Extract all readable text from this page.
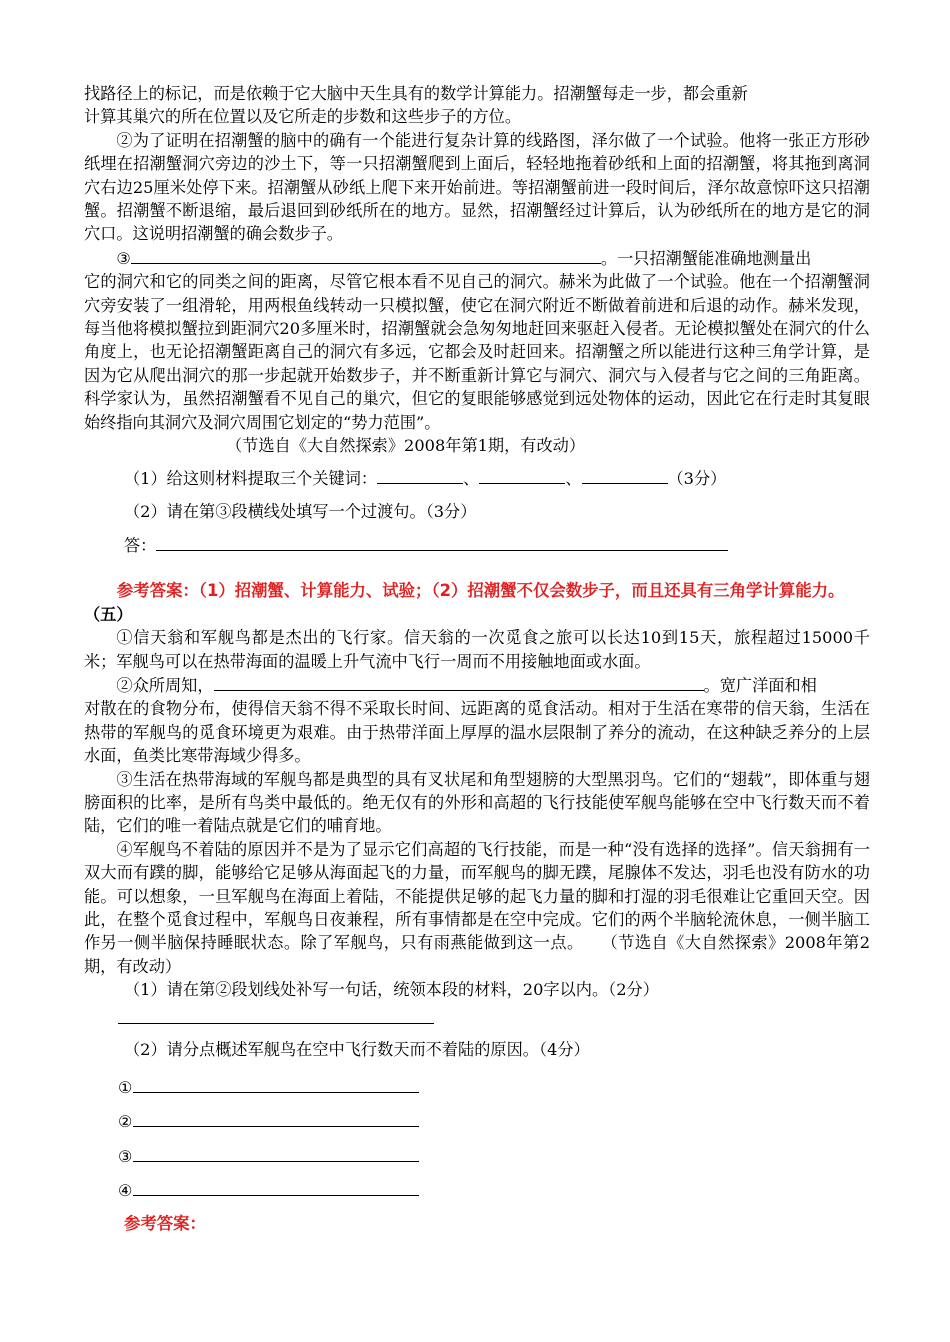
找路径上的标记，而是依赖于它大脑中天生具有的数学计算能力。招潮蟹每走一步，都会重新

计算其巢穴的所在位置以及它所走的步数和这些步子的方位。

②为了证明在招潮蟹的脑中的确有一个能进行复杂计算的线路图，泽尔做了一个试验。他将一张正方形砂纸埋在招潮蟹洞穴旁边的沙土下，等一只招潮蟹爬到上面后，轻轻地拖着砂纸和上面的招潮蟹，将其拖到离洞穴右边25厘米处停下来。招潮蟹从砂纸上爬下来开始前进。等招潮蟹前进一段时间后，泽尔故意惊吓这只招潮蟹。招潮蟹不断退缩，最后退回到砂纸所在的地方。显然，招潮蟹经过计算后，认为砂纸所在的地方是它的洞穴口。这说明招潮蟹的确会数步子。

③	。一只招潮蟹能准确地测量出

它的洞穴和它的同类之间的距离，尽管它根本看不见自己的洞穴。赫米为此做了一个试验。他在一个招潮蟹洞穴旁安装了一组滑轮，用两根鱼线转动一只模拟蟹，使它在洞穴附近不断做着前进和后退的动作。赫米发现，每当他将模拟蟹拉到距洞穴20多厘米时，招潮蟹就会急匆匆地赶回来驱赶入侵者。无论模拟蟹处在洞穴的什么角度上，也无论招潮蟹距离自己的洞穴有多远，它都会及时赶回来。招潮蟹之所以能进行这种三角学计算，是因为它从爬出洞穴的那一步起就开始数步子，并不断重新计算它与洞穴、洞穴与入侵者与它之间的三角距离。科学家认为，虽然招潮蟹看不见自己的巢穴，但它的复眼能够感觉到远处物体的运动，因此它在行走时其复眼始终指向其洞穴及洞穴周围它划定的“势力范围”。

（节选自《大自然探索》2008年第1期，有改动）

（1）给这则材料提取三个关键词：	、	、	（3分）

（2）请在第③段横线处填写一个过渡句。（3分）

答：

参考答案：（1）招潮蟹、计算能力、试验；（2）招潮蟹不仅会数步子，而且还具有三角学计算能力。

（五）

①信天翁和军舰鸟都是杰出的飞行家。信天翁的一次觅食之旅可以长达10到15天，旅程超过15000千米；军舰鸟可以在热带海面的温暖上升气流中飞行一周而不用接触地面或水面。

②众所周知，	。宽广洋面和相

对散在的食物分布，使得信天翁不得不采取长时间、远距离的觅食活动。相对于生活在寒带的信天翁，生活在热带的军舰鸟的觅食环境更为艰难。由于热带洋面上厚厚的温水层限制了养分的流动，在这种缺乏养分的上层水面，鱼类比寒带海域少得多。

③生活在热带海域的军舰鸟都是典型的具有叉状尾和角型翅膀的大型黑羽鸟。它们的“翅载”，即体重与翅膀面积的比率，是所有鸟类中最低的。绝无仅有的外形和高超的飞行技能使军舰鸟能够在空中飞行数天而不着陆，它们的唯一着陆点就是它们的哺育地。

④军舰鸟不着陆的原因并不是为了显示它们高超的飞行技能，而是一种“没有选择的选择”。信天翁拥有一双大而有蹼的脚，能够给它足够从海面起飞的力量，而军舰鸟的脚无蹼，尾腺体不发达，羽毛也没有防水的功能。可以想象，一旦军舰鸟在海面上着陆，不能提供足够的起飞力量的脚和打湿的羽毛很难让它重回天空。因此，在整个觅食过程中，军舰鸟日夜兼程，所有事情都是在空中完成。它们的两个半脑轮流休息，一侧半脑工作另一侧半脑保持睡眠状态。除了军舰鸟，只有雨燕能做到这一点。 （节选自《大自然探索》2008年第2期，有改动）

（1）请在第②段划线处补写一句话，统领本段的材料，20字以内。（2分）

（2）请分点概述军舰鸟在空中飞行数天而不着陆的原因。（4分）

①

②

③

④

参考答案：
